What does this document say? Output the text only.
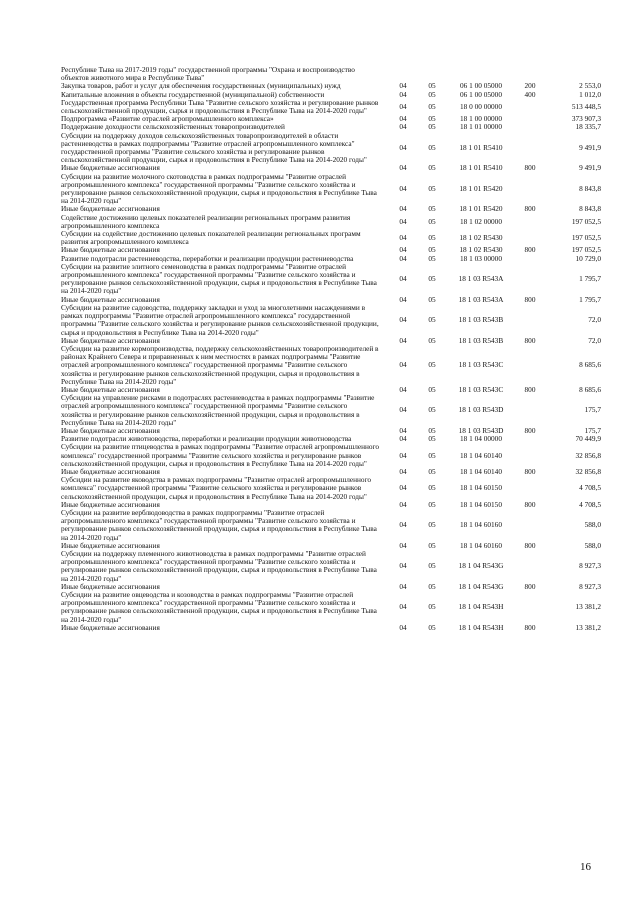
Республике Тыва на 2017-2019 годы" государственной программы "Охрана и воспроизводство объектов животного мира в Республике Тыва"					
Закупка товаров, работ и услуг для обеспечения государственных (муниципальных) нужд	04	05	06 1 00 05000	200	2 553,0
Капитальные вложения в объекты государственной (муниципальной) собственности	04	05	06 1 00 05000	400	1 012,0
Государственная программа Республики Тыва "Развитие сельского хозяйства и регулирование рынков сельскохозяйственной продукции, сырья и продовольствия в Республике Тыва на 2014-2020 годы"	04	05	18 0 00 00000		513 448,5
Подпрограмма «Развитие отраслей агропромышленного комплекса»	04	05	18 1 00 00000		373 907,3
Поддержание доходности сельскохозяйственных товаропроизводителей	04	05	18 1 01 00000		18 335,7
Субсидии на поддержку доходов сельскохозяйственных товаропроизводителей в области растениеводства в рамках подпрограммы "Развитие отраслей агропромышленного комплекса" государственной программы "Развитие сельского хозяйства и регулирование рынков сельскохозяйственной продукции, сырья и продовольствия в Республике Тыва на 2014-2020 годы"	04	05	18 1 01 R5410		9 491,9
Иные бюджетные ассигнования	04	05	18 1 01 R5410	800	9 491,9
Субсидии на развитие молочного скотоводства в рамках подпрограммы "Развитие отраслей агропромышленного комплекса" государственной программы "Развитие сельского хозяйства и регулирование рынков сельскохозяйственной продукции, сырья и продовольствия в Республике Тыва на 2014-2020 годы"	04	05	18 1 01 R5420		8 843,8
Иные бюджетные ассигнования	04	05	18 1 01 R5420	800	8 843,8
Содействие достижению целевых показателей реализации региональных программ развития агропромышленного комплекса	04	05	18 1 02 00000		197 052,5
Субсидии на содействие достижению целевых показателей реализации региональных программ развития агропромышленного комплекса	04	05	18 1 02 R5430		197 052,5
Иные бюджетные ассигнования	04	05	18 1 02 R5430	800	197 052,5
Развитие подотрасли растениеводства, переработки и реализации продукции растениеводства	04	05	18 1 03 00000		10 729,0
Субсидии на развитие элитного семеноводства в рамках подпрограммы "Развитие отраслей агропромышленного комплекса" государственной программы "Развитие сельского хозяйства и регулирование рынков сельскохозяйственной продукции, сырья и продовольствия в Республике Тыва на 2014-2020 годы"	04	05	18 1 03 R543A		1 795,7
Иные бюджетные ассигнования	04	05	18 1 03 R543A	800	1 795,7
Субсидии на развитие садоводства, поддержку закладки и уход за многолетними насаждениями в рамках подпрограммы "Развитие отраслей агропромышленного комплекса" государственной программы "Развитие сельского хозяйства и регулирование рынков сельскохозяйственной продукции, сырья и продовольствия в Республике Тыва на 2014-2020 годы"	04	05	18 1 03 R543B		72,0
Иные бюджетные ассигнования	04	05	18 1 03 R543B	800	72,0
Субсидии на развитие кормопроизводства, поддержку сельскохозяйственных товаропроизводителей в районах Крайнего Севера и приравненных к ним местностях в рамках подпрограммы "Развитие отраслей агропромышленного комплекса" государственной программы "Развитие сельского хозяйства и регулирование рынков сельскохозяйственной продукции, сырья и продовольствия в Республике Тыва на 2014-2020 годы"	04	05	18 1 03 R543C		8 685,6
Иные бюджетные ассигнования	04	05	18 1 03 R543C	800	8 685,6
Субсидии на управление рисками в подотраслях растениеводства в рамках подпрограммы "Развитие отраслей агропромышленного комплекса" государственной программы "Развитие сельского хозяйства и регулирование рынков сельскохозяйственной продукции, сырья и продовольствия в Республике Тыва на 2014-2020 годы"	04	05	18 1 03 R543D		175,7
Иные бюджетные ассигнования	04	05	18 1 03 R543D	800	175,7
Развитие подотрасли животноводства, переработки и реализации продукции животноводства	04	05	18 1 04 00000		70 449,9
Субсидии на развитие птицеводства в рамках подпрограммы "Развитие отраслей агропромышленного комплекса" государственной программы "Развитие сельского хозяйства и регулирование рынков сельскохозяйственной продукции, сырья и продовольствия в Республике Тыва на 2014-2020 годы"	04	05	18 1 04 60140		32 856,8
Иные бюджетные ассигнования	04	05	18 1 04 60140	800	32 856,8
Субсидии на развитие яководства в рамках подпрограммы "Развитие отраслей агропромышленного комплекса" государственной программы "Развитие сельского хозяйства и регулирование рынков сельскохозяйственной продукции, сырья и продовольствия в Республике Тыва на 2014-2020 годы"	04	05	18 1 04 60150		4 708,5
Иные бюджетные ассигнования	04	05	18 1 04 60150	800	4 708,5
Субсидии на развитие верблюдоводства в рамках подпрограммы "Развитие отраслей агропромышленного комплекса" государственной программы "Развитие сельского хозяйства и регулирование рынков сельскохозяйственной продукции, сырья и продовольствия в Республике Тыва на 2014-2020 годы"	04	05	18 1 04 60160		588,0
Иные бюджетные ассигнования	04	05	18 1 04 60160	800	588,0
Субсидии на поддержку племенного животноводства в рамках подпрограммы "Развитие отраслей агропромышленного комплекса" государственной программы "Развитие сельского хозяйства и регулирование рынков сельскохозяйственной продукции, сырья и продовольствия в Республике Тыва на 2014-2020 годы"	04	05	18 1 04 R543G		8 927,3
Иные бюджетные ассигнования	04	05	18 1 04 R543G	800	8 927,3
Субсидии на развитие овцеводства и козоводства в рамках подпрограммы "Развитие отраслей агропромышленного комплекса" государственной программы "Развитие сельского хозяйства и регулирование рынков сельскохозяйственной продукции, сырья и продовольствия в Республике Тыва на 2014-2020 годы"	04	05	18 1 04 R543H		13 381,2
Иные бюджетные ассигнования	04	05	18 1 04 R543H	800	13 381,2
16
